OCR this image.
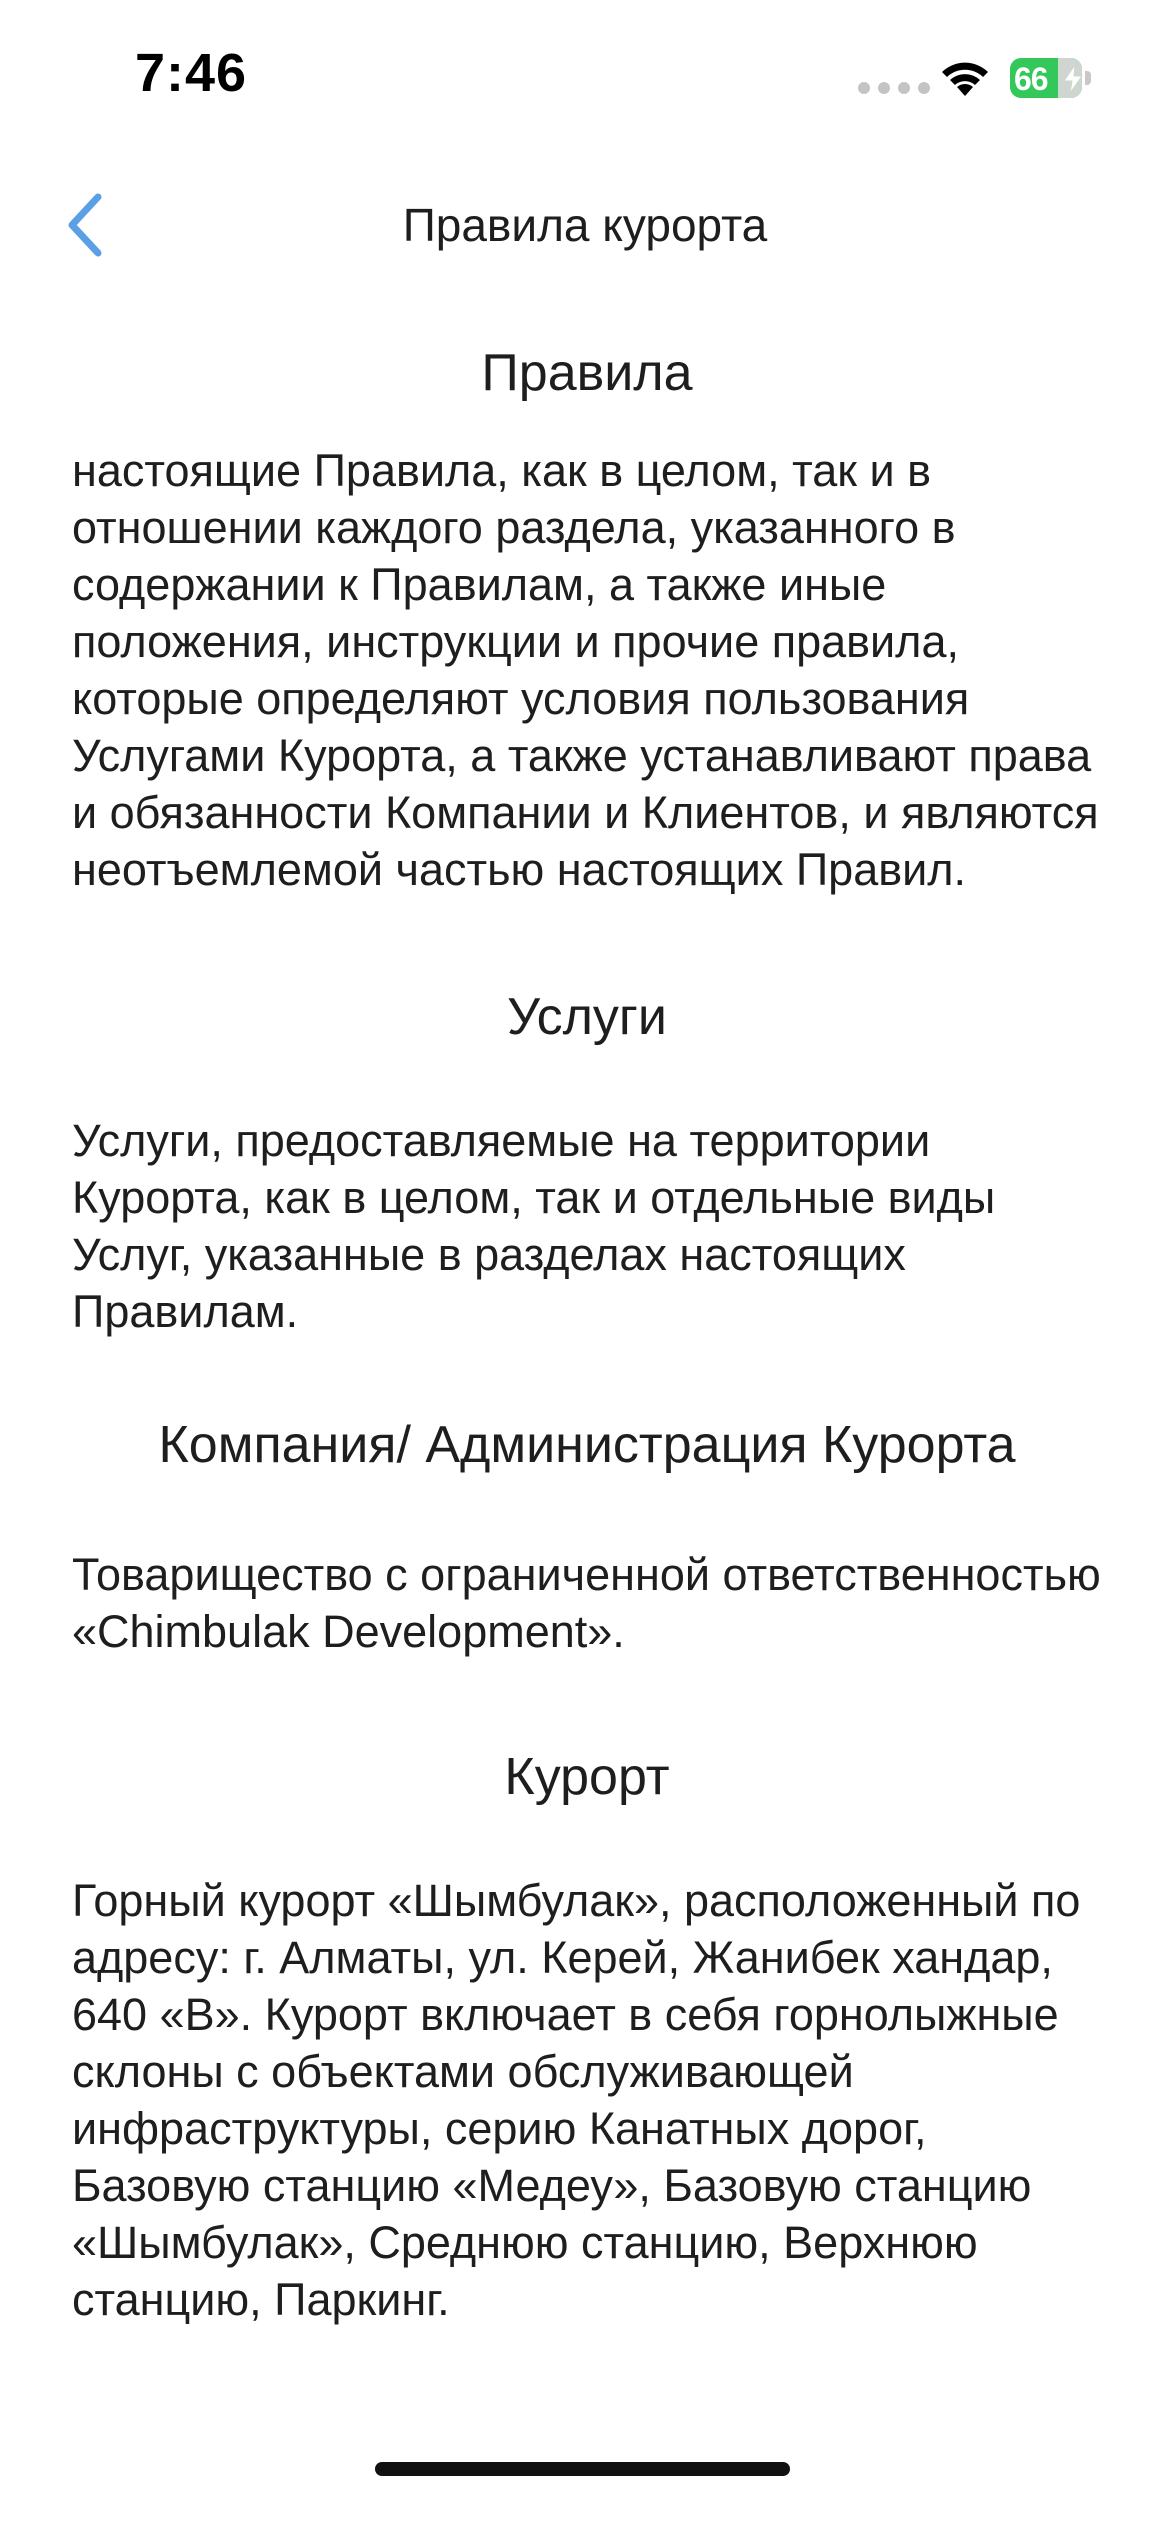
7:46	66
Правила курорта
Правила

настоящие Правила, как в целом, так и в отношении каждого раздела, указанного в содержании к Правилам, а также иные положения, инструкции и прочие правила, которые определяют условия пользования Услугами Курорта, а также устанавливают права и обязанности Компании и Клиентов, и являются неотъемлемой частью настоящих Правил.

Услуги

Услуги, предоставляемые на территории Курорта, как в целом, так и отдельные виды Услуг, указанные в разделах настоящих Правилам.

Компания/ Администрация Курорта

Товарищество с ограниченной ответственностью «Chimbulak Development».

Курорт

Горный курорт «Шымбулак», расположенный по адресу: г. Алматы, ул. Керей, Жанибек хандар, 640 «В». Курорт включает в себя горнолыжные склоны с объектами обслуживающей инфраструктуры, серию Канатных дорог, Базовую станцию «Медеу», Базовую станцию «Шымбулак», Среднюю станцию, Верхнюю станцию, Паркинг.
